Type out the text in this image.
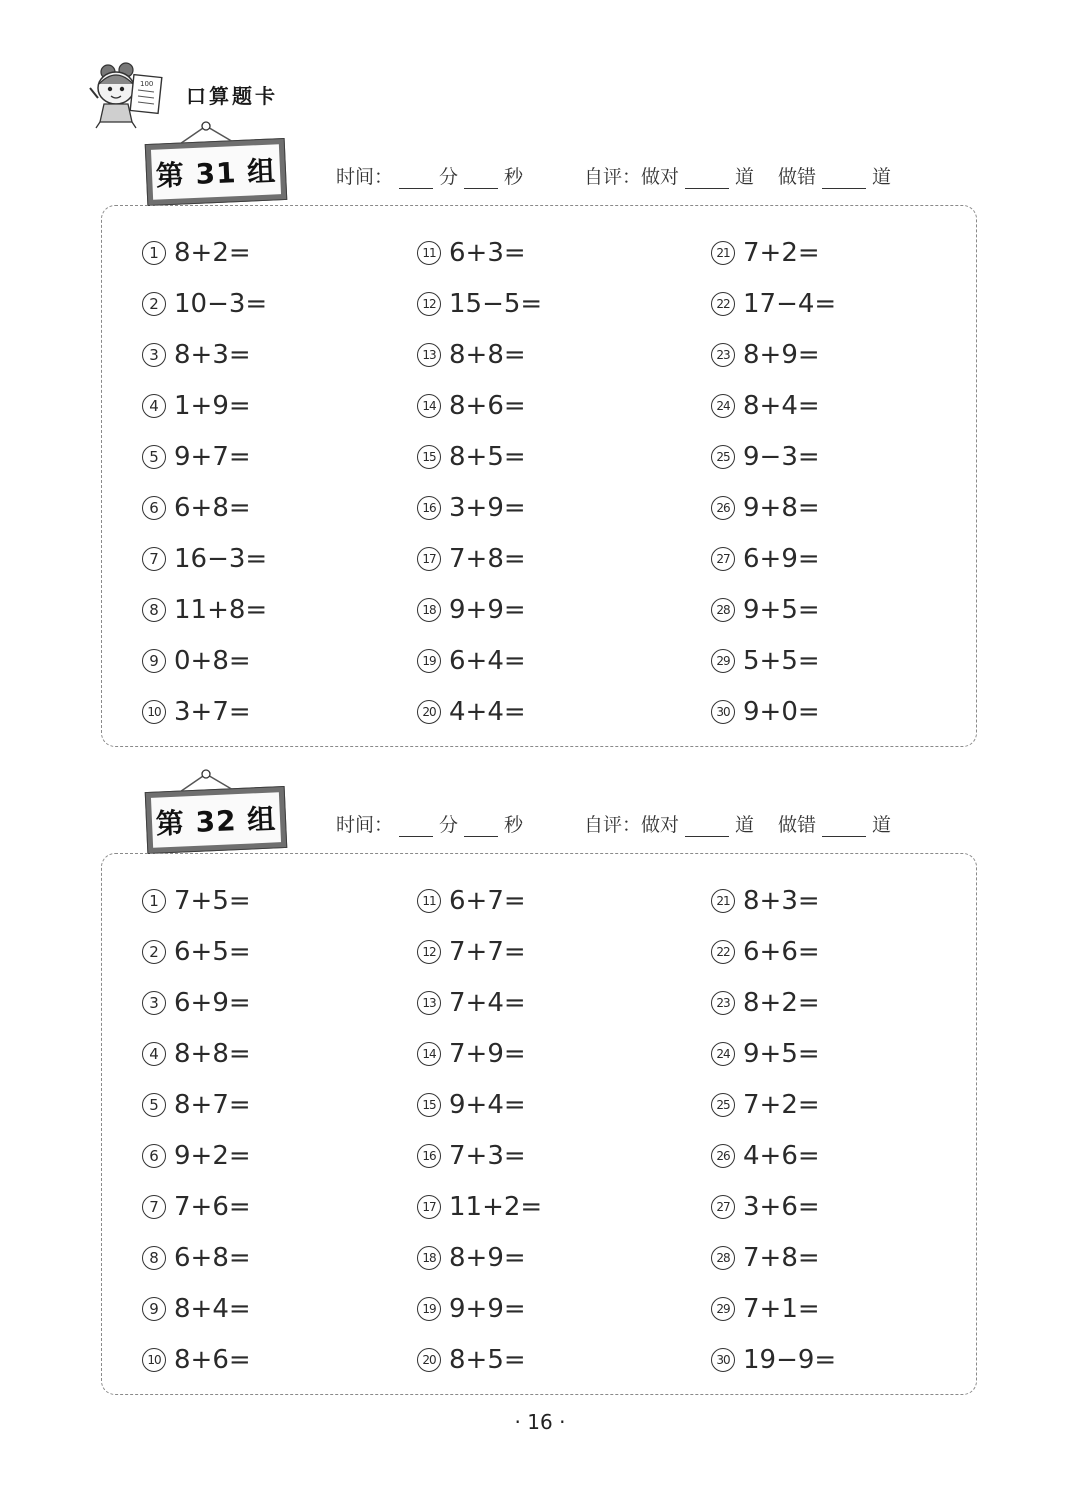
100 口算题卡
第 31 组	时间： 分 秒	自评：做对	道 做错	道
1 8+2=
2 10−3=
3 8+3=
4 1+9=
5 9+7=
6 6+8=
7 16−3=
8 11+8=
9 0+8=
10 3+7=
11 6+3=
12 15−5=
13 8+8=
14 8+6=
15 8+5=
16 3+9=
17 7+8=
18 9+9=
19 6+4=
20 4+4=
21 7+2=
22 17−4=
23 8+9=
24 8+4=
25 9−3=
26 9+8=
27 6+9=
28 9+5=
29 5+5=
30 9+0=
第 32 组	时间： 分 秒	自评：做对	道 做错	道
1 7+5=
2 6+5=
3 6+9=
4 8+8=
5 8+7=
6 9+2=
7 7+6=
8 6+8=
9 8+4=
10 8+6=
11 6+7=
12 7+7=
13 7+4=
14 7+9=
15 9+4=
16 7+3=
17 11+2=
18 8+9=
19 9+9=
20 8+5=
21 8+3=
22 6+6=
23 8+2=
24 9+5=
25 7+2=
26 4+6=
27 3+6=
28 7+8=
29 7+1=
30 19−9=
· 16 ·
